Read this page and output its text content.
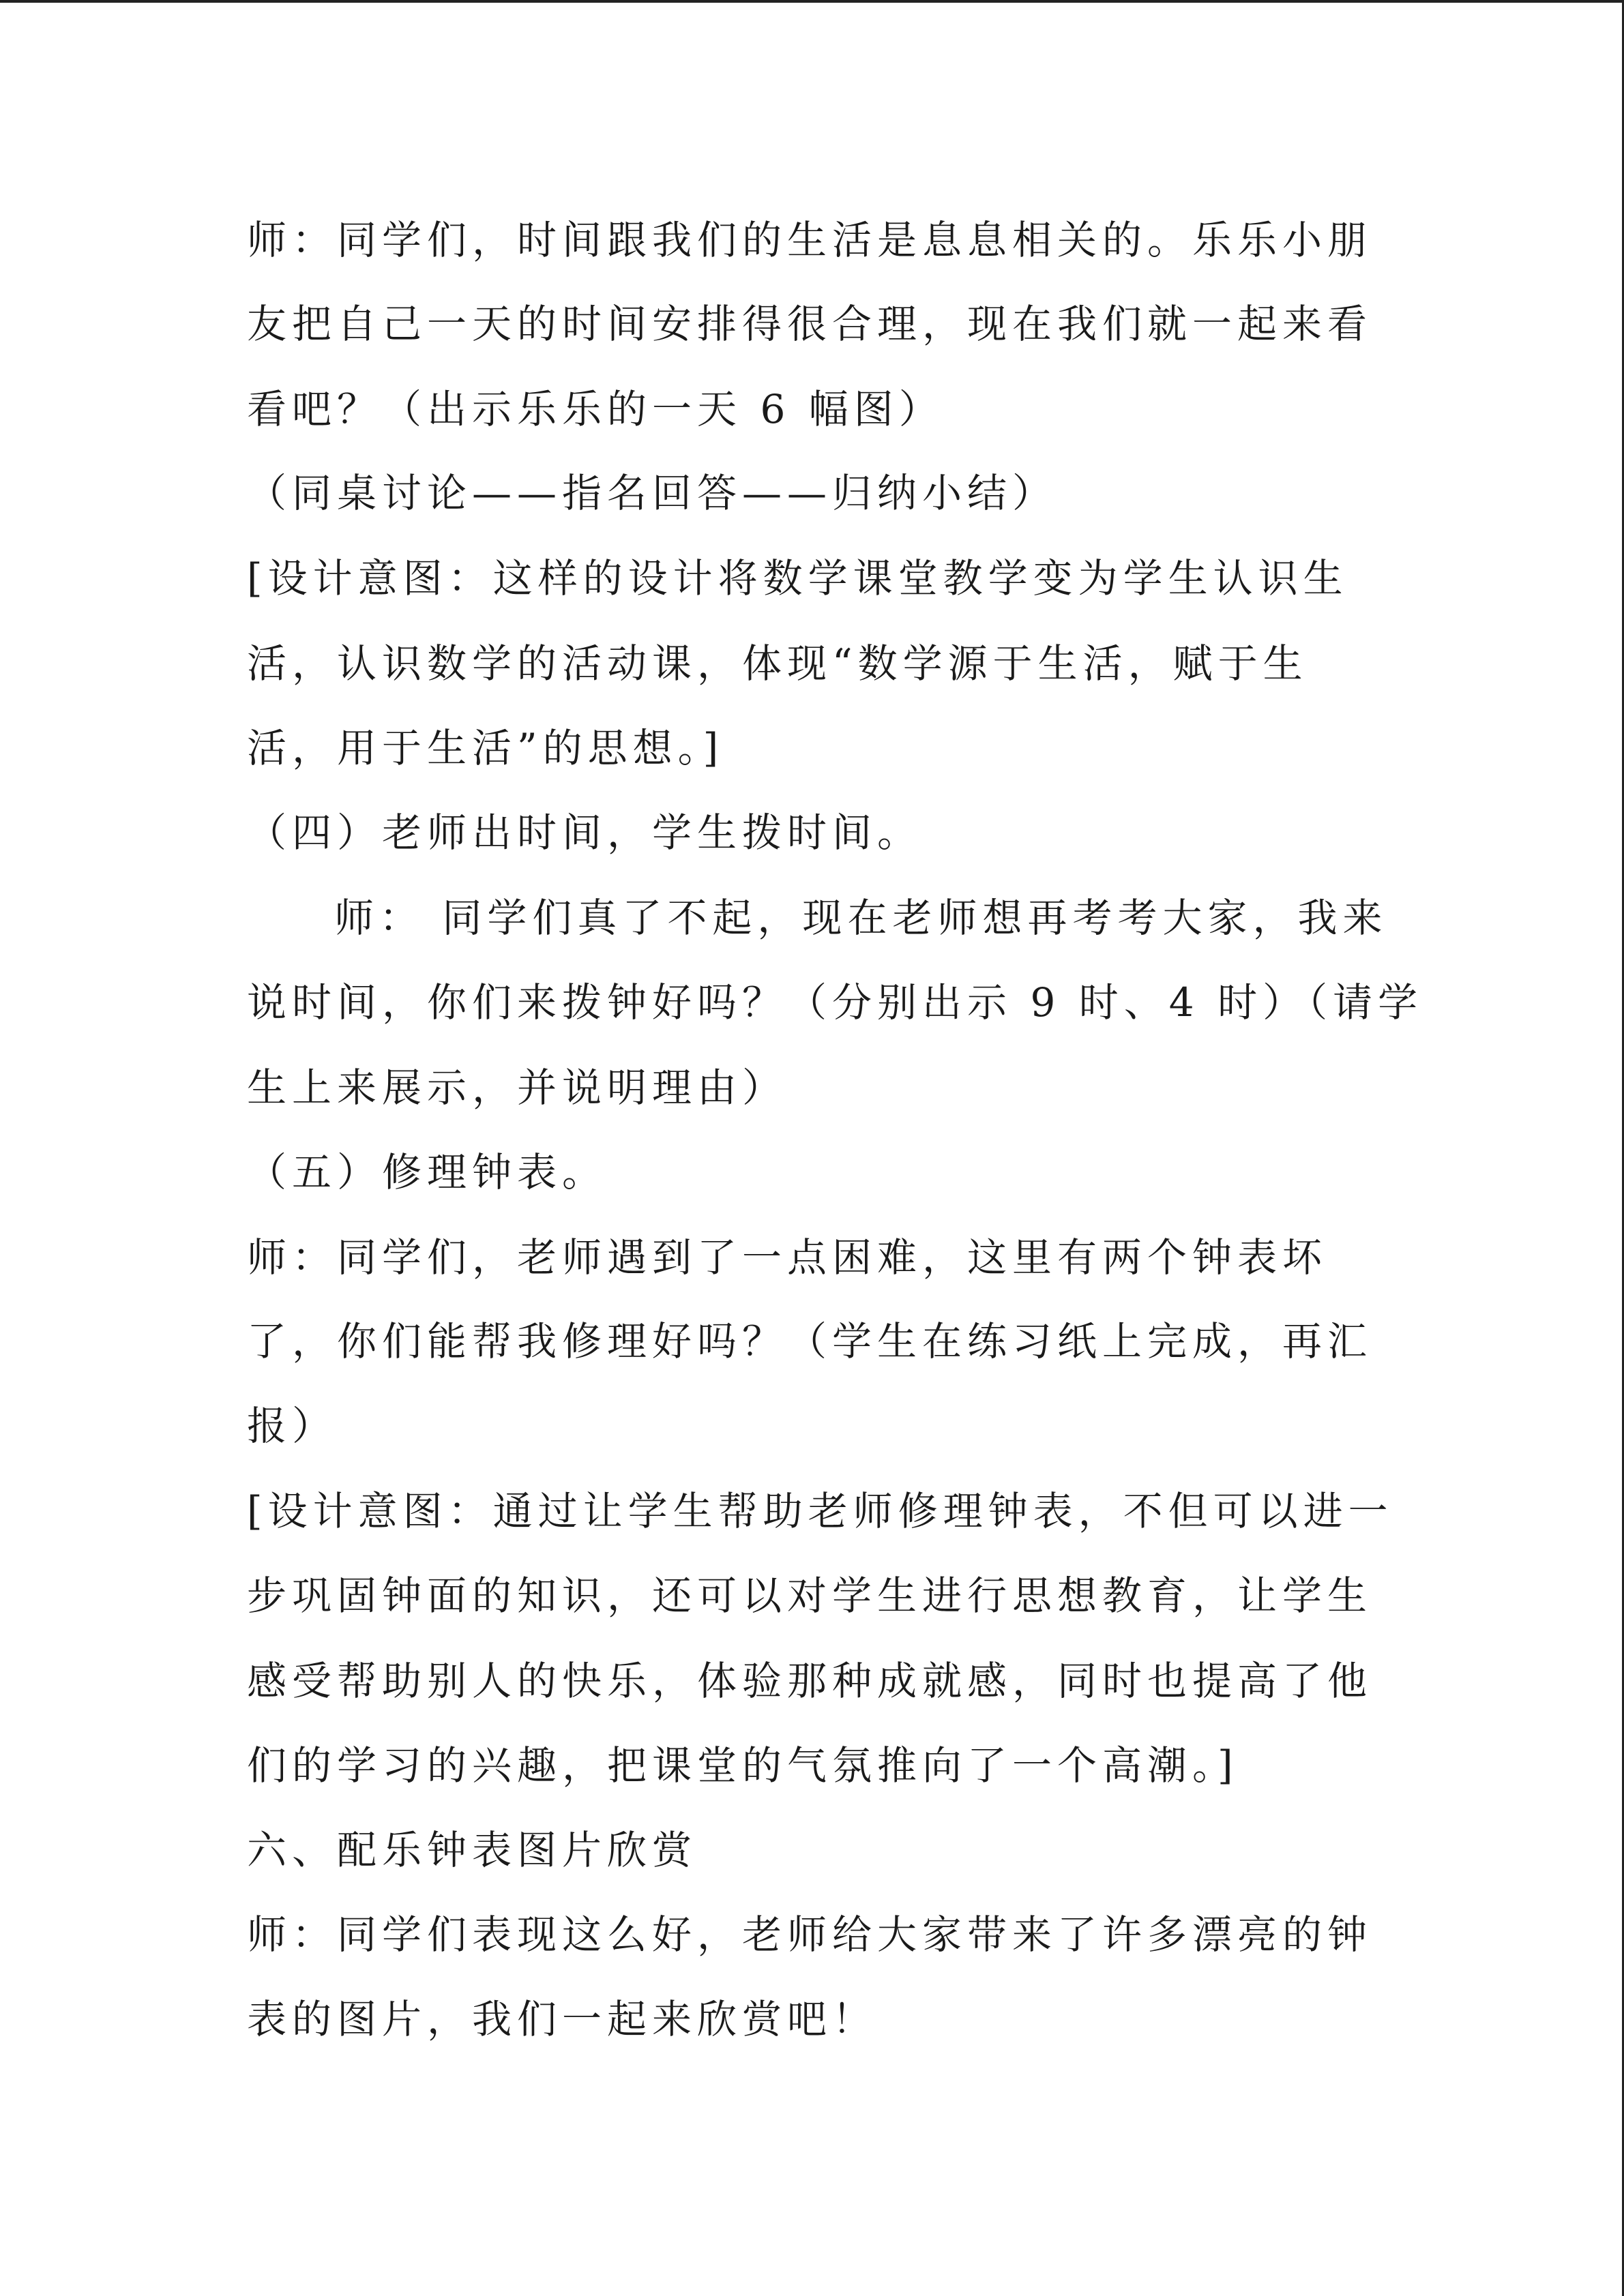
师：同学们，时间跟我们的生活是息息相关的。乐乐小朋
友把自己一天的时间安排得很合理，现在我们就一起来看
看吧？（出示乐乐的一天 6 幅图）
（同桌讨论——指名回答——归纳小结）
[设计意图：这样的设计将数学课堂教学变为学生认识生
活，认识数学的活动课，体现“数学源于生活，赋于生
活，用于生活”的思想。]
（四）老师出时间，学生拨时间。
师： 同学们真了不起，现在老师想再考考大家，我来
说时间，你们来拨钟好吗？（分别出示 9 时、4 时）（请学
生上来展示，并说明理由）
（五）修理钟表。
师：同学们，老师遇到了一点困难，这里有两个钟表坏
了，你们能帮我修理好吗？（学生在练习纸上完成，再汇
报）
[设计意图：通过让学生帮助老师修理钟表，不但可以进一
步巩固钟面的知识，还可以对学生进行思想教育，让学生
感受帮助别人的快乐，体验那种成就感，同时也提高了他
们的学习的兴趣，把课堂的气氛推向了一个高潮。]
六、配乐钟表图片欣赏
师：同学们表现这么好，老师给大家带来了许多漂亮的钟
表的图片，我们一起来欣赏吧！
